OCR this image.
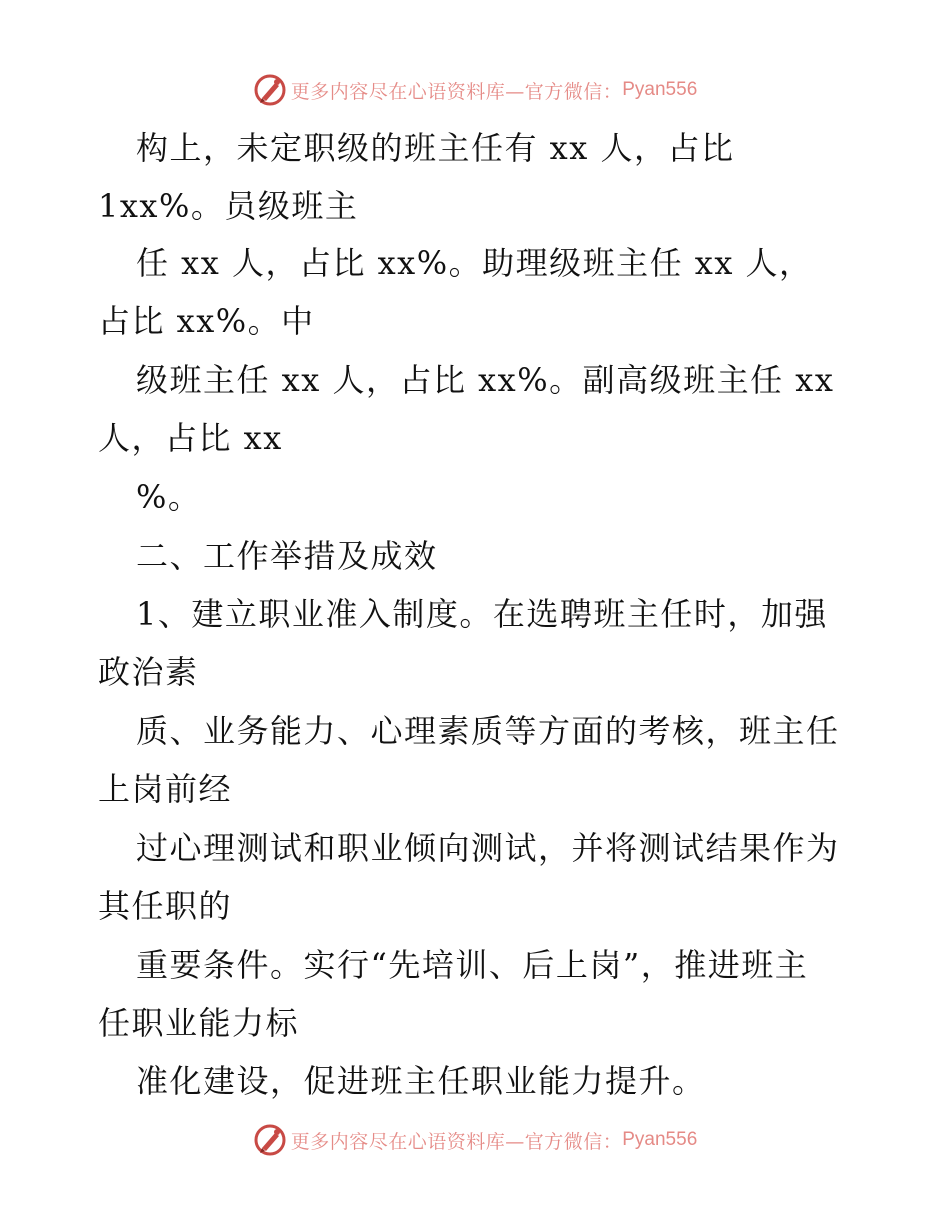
更多内容尽在心语资料库—官方微信： Pyan556
构上，未定职级的班主任有 xx 人，占比
1xx%。员级班主
任 xx 人，占比 xx%。助理级班主任 xx 人，
占比 xx%。中
级班主任 xx 人，占比 xx%。副高级班主任 xx
人，占比 xx
%。
二、工作举措及成效
1、建立职业准入制度。在选聘班主任时，加强
政治素
质、业务能力、心理素质等方面的考核，班主任
上岗前经
过心理测试和职业倾向测试，并将测试结果作为
其任职的
重要条件。实行“先培训、后上岗”，推进班主
任职业能力标
准化建设，促进班主任职业能力提升。
更多内容尽在心语资料库—官方微信： Pyan556
